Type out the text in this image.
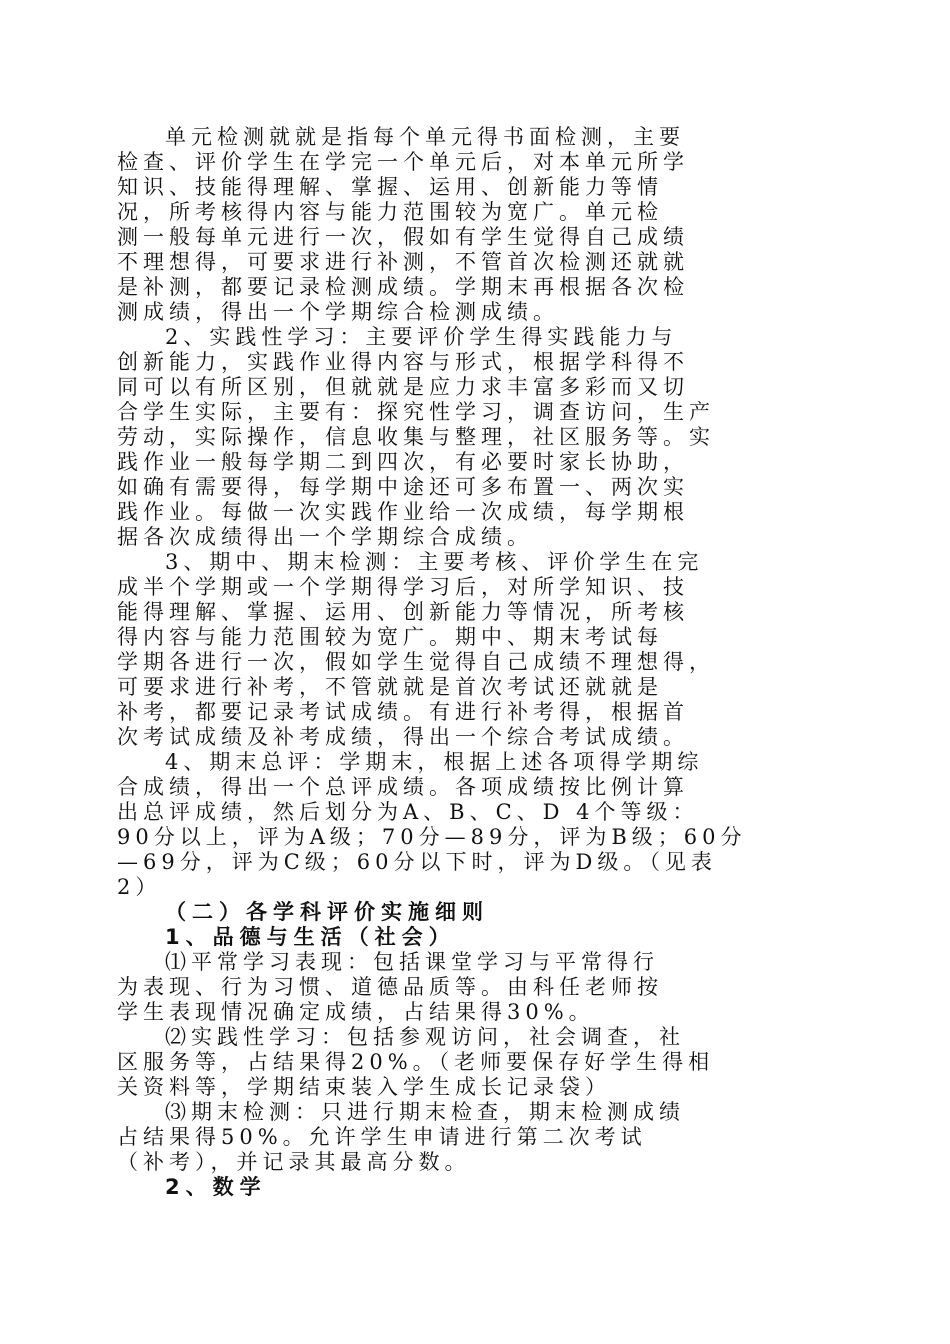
单元检测就就是指每个单元得书面检测，主要
检查、评价学生在学完一个单元后，对本单元所学
知识、技能得理解、掌握、运用、创新能力等情
况，所考核得内容与能力范围较为宽广。单元检
测一般每单元进行一次，假如有学生觉得自己成绩
不理想得，可要求进行补测，不管首次检测还就就
是补测，都要记录检测成绩。学期末再根据各次检
测成绩，得出一个学期综合检测成绩。
2、实践性学习：主要评价学生得实践能力与
创新能力，实践作业得内容与形式，根据学科得不
同可以有所区别，但就就是应力求丰富多彩而又切
合学生实际，主要有：探究性学习，调查访问，生产
劳动，实际操作，信息收集与整理，社区服务等。实
践作业一般每学期二到四次，有必要时家长协助，
如确有需要得，每学期中途还可多布置一、两次实
践作业。每做一次实践作业给一次成绩，每学期根
据各次成绩得出一个学期综合成绩。
3、期中、期末检测：主要考核、评价学生在完
成半个学期或一个学期得学习后，对所学知识、技
能得理解、掌握、运用、创新能力等情况，所考核
得内容与能力范围较为宽广。期中、期末考试每
学期各进行一次，假如学生觉得自己成绩不理想得，
可要求进行补考，不管就就是首次考试还就就是
补考，都要记录考试成绩。有进行补考得，根据首
次考试成绩及补考成绩，得出一个综合考试成绩。
4、期末总评：学期末，根据上述各项得学期综
合成绩，得出一个总评成绩。各项成绩按比例计算
出总评成绩，然后划分为A、B、C、D 4个等级：
90分以上，评为A级；70分—89分，评为B级；60分
—69分，评为C级；60分以下时，评为D级。（见表
2）
（二）各学科评价实施细则
1、品德与生活（社会）
⑴平常学习表现：包括课堂学习与平常得行
为表现、行为习惯、道德品质等。由科任老师按
学生表现情况确定成绩，占结果得30%。
⑵实践性学习：包括参观访问，社会调查，社
区服务等，占结果得20%。（老师要保存好学生得相
关资料等，学期结束装入学生成长记录袋）
⑶期末检测：只进行期末检查，期末检测成绩
占结果得50%。允许学生申请进行第二次考试
（补考），并记录其最高分数。
2、数学
